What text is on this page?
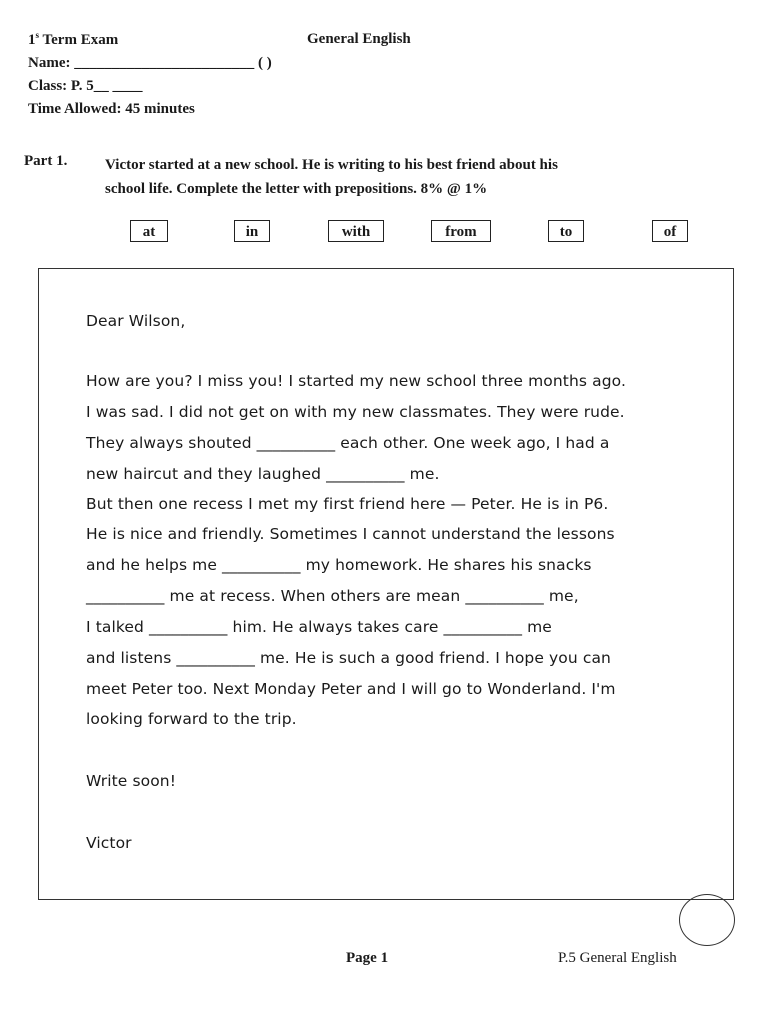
1$^s$ Term Exam	General English
Name: ________________________ ( )
Class: P. 5__ ____
Time Allowed: 45 minutes
Part 1.	Victor started at a new school. He is writing to his best friend about his
school life. Complete the letter with prepositions. 8% @ 1%
at	in	with	from	to	of
Dear Wilson,
How are you? I miss you! I started my new school three months ago.
I was sad. I did not get on with my new classmates. They were rude.
They always shouted __________ each other. One week ago, I had a
new haircut and they laughed __________ me.
But then one recess I met my first friend here — Peter. He is in P6.
He is nice and friendly. Sometimes I cannot understand the lessons
and he helps me __________ my homework. He shares his snacks
__________ me at recess. When others are mean __________ me,
I talked __________ him. He always takes care __________ me
and listens __________ me. He is such a good friend. I hope you can
meet Peter too. Next Monday Peter and I will go to Wonderland. I'm
looking forward to the trip.
Write soon!
Victor
Page 1	P.5 General English
